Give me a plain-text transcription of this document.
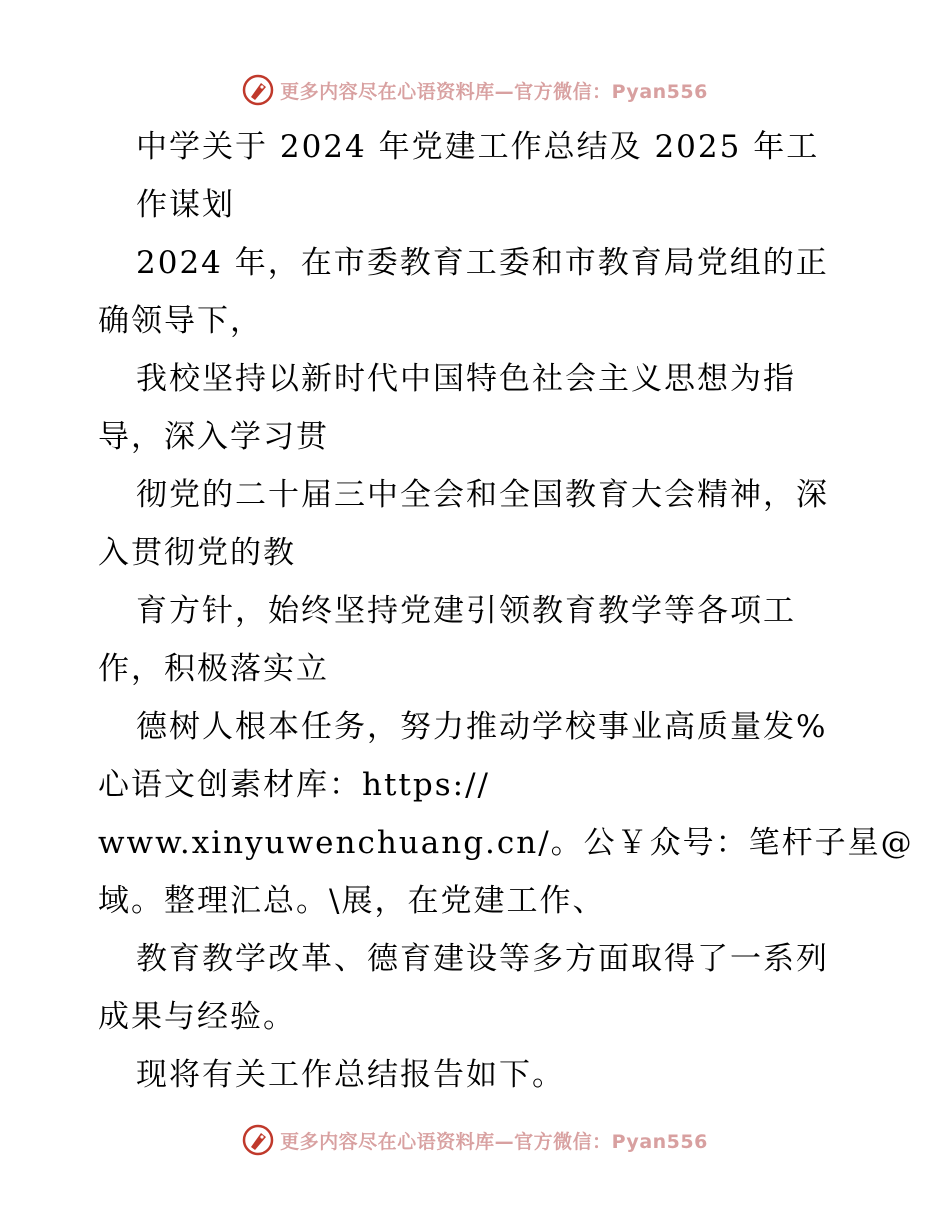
更多内容尽在心语资料库—官方微信：Pyan556
中学关于 2024 年党建工作总结及 2025 年工
作谋划
2024 年，在市委教育工委和市教育局党组的正
确领导下，
我校坚持以新时代中国特色社会主义思想为指
导，深入学习贯
彻党的二十届三中全会和全国教育大会精神，深
入贯彻党的教
育方针，始终坚持党建引领教育教学等各项工
作，积极落实立
德树人根本任务，努力推动学校事业高质量发%
心语文创素材库：https://
www.xinyuwenchuang.cn/。公￥众号：笔杆子星@
域。整理汇总。\展，在党建工作、
教育教学改革、德育建设等多方面取得了一系列
成果与经验。
现将有关工作总结报告如下。
更多内容尽在心语资料库—官方微信：Pyan556
